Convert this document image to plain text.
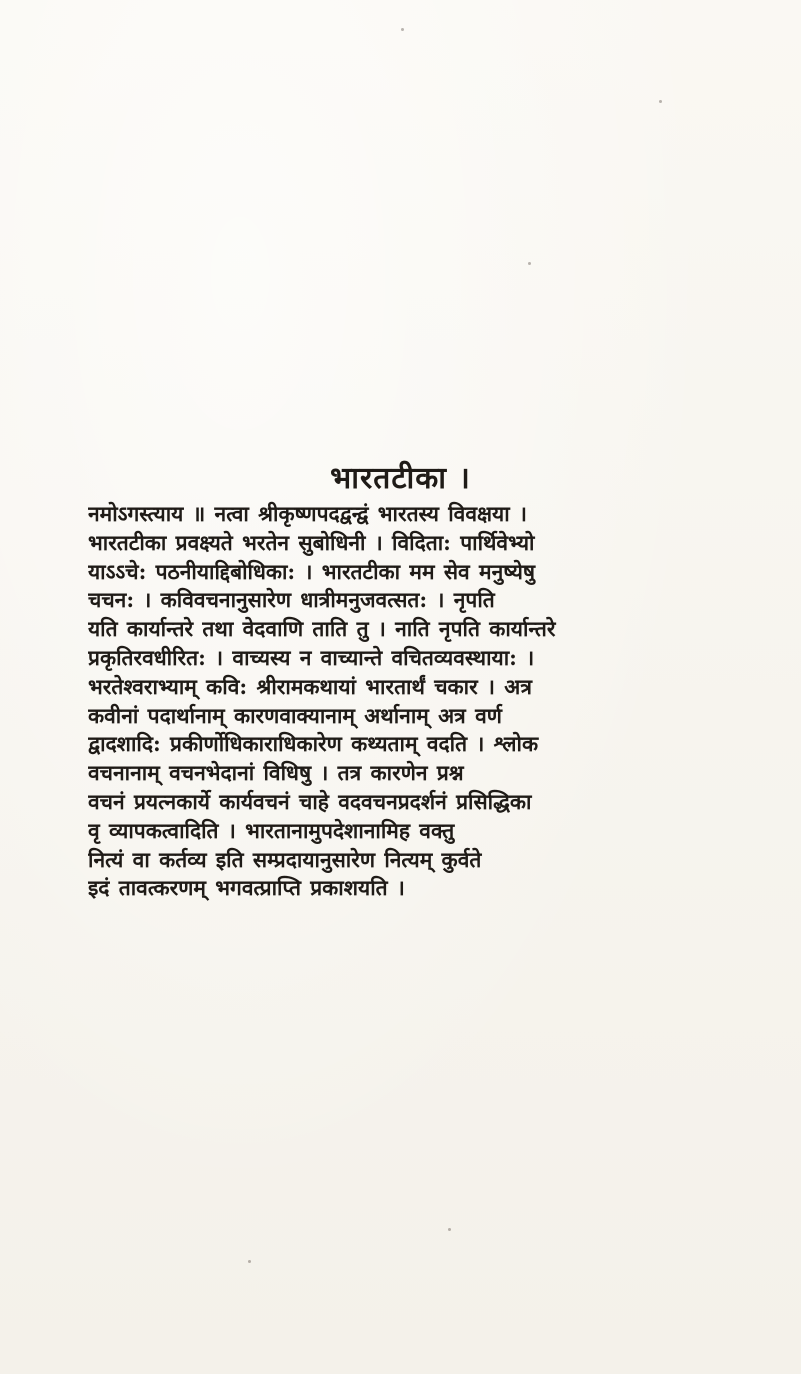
भारतटीका ।
नमोऽगस्त्याय ॥ नत्वा श्रीकृष्णपदद्वन्द्वं भारतस्य विवक्षया ।
भारतटीका प्रवक्ष्यते भरतेन सुबोधिनी । विदिता: पार्थिवेभ्यो
याऽऽचे: पठनीयाद्दिबोधिका: । भारतटीका मम सेव मनुष्येषु
चचन: । कविवचनानुसारेण धात्रीमनुजवत्सत: । नृपति
यति कार्यान्तरे तथा वेदवाणि ताति तु । नाति नृपति कार्यान्तरे
प्रकृतिरवधीरित: । वाच्यस्य न वाच्यान्ते वचितव्यवस्थाया: ।
भरतेश्वराभ्याम् कवि: श्रीरामकथायां भारतार्थं चकार । अत्र
कवीनां पदार्थानाम् कारणवाक्यानाम् अर्थानाम् अत्र वर्ण
द्वादशादि: प्रकीर्णोधिकाराधिकारेण कथ्यताम् वदति । श्लोक
वचनानाम् वचनभेदानां विधिषु । तत्र कारणेन प्रश्न
वचनं प्रयत्नकार्ये कार्यवचनं चाहे वदवचनप्रदर्शनं प्रसिद्धिका
वृ व्यापकत्वादिति । भारतानामुपदेशानामिह वक्तु
नित्यं वा कर्तव्य इति सम्प्रदायानुसारेण नित्यम् कुर्वते
इदं तावत्करणम् भगवत्प्राप्ति प्रकाशयति ।
